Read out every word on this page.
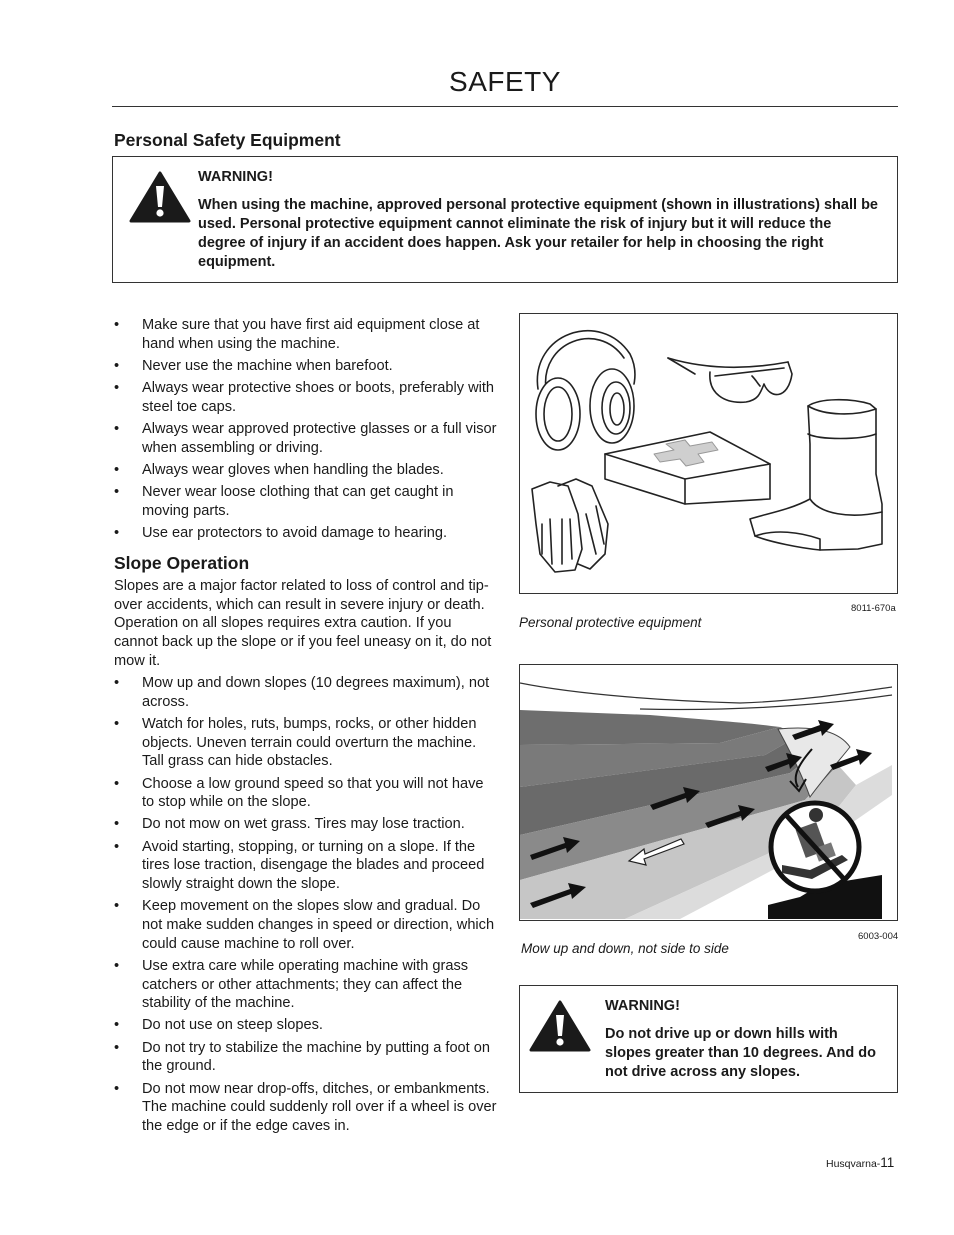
SAFETY
Personal Safety Equipment
WARNING!
When using the machine, approved personal protective equipment (shown in illustrations) shall be used. Personal protective equipment cannot eliminate the risk of injury but it will reduce the degree of injury if an accident does happen. Ask your retailer for help in choosing the right equipment.
• Make sure that you have first aid equipment close at hand when using the machine.
• Never use the machine when barefoot.
• Always wear protective shoes or boots, preferably with steel toe caps.
• Always wear approved protective glasses or a full visor when assembling or driving.
• Always wear gloves when handling the blades.
• Never wear loose clothing that can get caught in moving parts.
• Use ear protectors to avoid damage to hearing.
Slope Operation
Slopes are a major factor related to loss of control and tip-over accidents, which can result in severe injury or death. Operation on all slopes requires extra caution. If you cannot back up the slope or if you feel uneasy on it, do not mow it.
• Mow up and down slopes (10 degrees maximum), not across.
• Watch for holes, ruts, bumps, rocks, or other hidden objects. Uneven terrain could overturn the machine. Tall grass can hide obstacles.
• Choose a low ground speed so that you will not have to stop while on the slope.
• Do not mow on wet grass. Tires may lose traction.
• Avoid starting, stopping, or turning on a slope. If the tires lose traction, disengage the blades and proceed slowly straight down the slope.
• Keep movement on the slopes slow and gradual. Do not make sudden changes in speed or direction, which could cause machine to roll over.
• Use extra care while operating machine with grass catchers or other attachments; they can affect the stability of the machine.
• Do not use on steep slopes.
• Do not try to stabilize the machine by putting a foot on the ground.
• Do not mow near drop-offs, ditches, or embankments. The machine could suddenly roll over if a wheel is over the edge or if the edge caves in.
8011-670a
Personal protective equipment
6003-004
Mow up and down, not side to side
WARNING!
Do not drive up or down hills with slopes greater than 10 degrees. And do not drive across any slopes.
Husqvarna-11
